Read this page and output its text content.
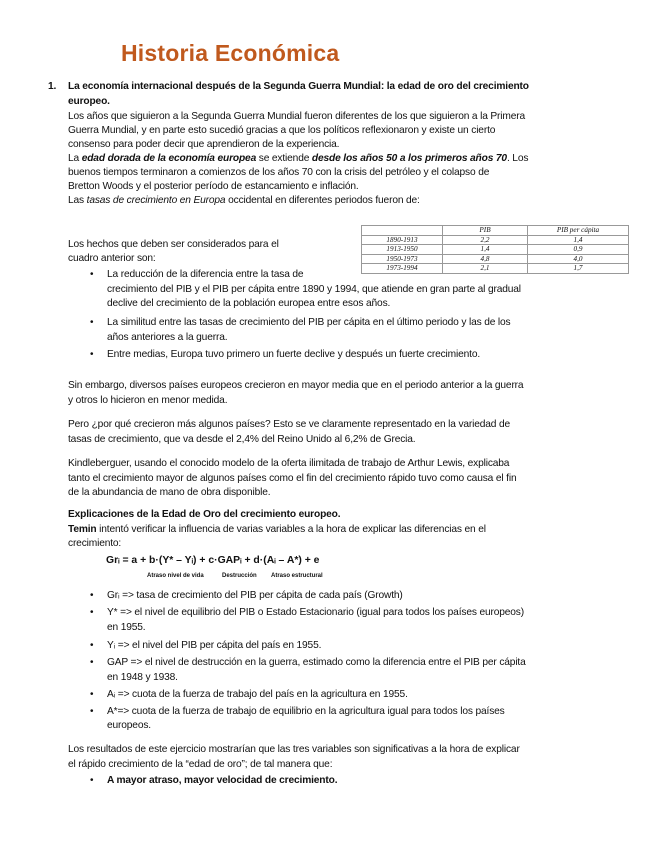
Historia Económica
1. La economía internacional después de la Segunda Guerra Mundial: la edad de oro del crecimiento
europeo.
Los años que siguieron a la Segunda Guerra Mundial fueron diferentes de los que siguieron a la Primera
Guerra Mundial, y en parte esto sucedió gracias a que los políticos reflexionaron y existe un cierto
consenso para poder decir que aprendieron de la experiencia.
La edad dorada de la economía europea se extiende desde los años 50 a los primeros años 70. Los
buenos tiempos terminaron a comienzos de los años 70 con la crisis del petróleo y el colapso de
Bretton Woods y el posterior período de estancamiento e inflación.
Las tasas de crecimiento en Europa occidental en diferentes periodos fueron de:
	PIB	PIB per cápita
1890-1913	2,2	1,4
1913-1950	1,4	0,9
1950-1973	4,8	4,0
1973-1994	2,1	1,7
Los hechos que deben ser considerados para el
cuadro anterior son:
• La reducción de la diferencia entre la tasa de
crecimiento del PIB y el PIB per cápita entre 1890 y 1994, que atiende en gran parte al gradual
declive del crecimiento de la población europea entre esos años.
• La similitud entre las tasas de crecimiento del PIB per cápita en el último periodo y las de los
años anteriores a la guerra.
• Entre medias, Europa tuvo primero un fuerte declive y después un fuerte crecimiento.
Sin embargo, diversos países europeos crecieron en mayor media que en el periodo anterior a la guerra
y otros lo hicieron en menor medida.
Pero ¿por qué crecieron más algunos países? Esto se ve claramente representado en la variedad de
tasas de crecimiento, que va desde el 2,4% del Reino Unido al 6,2% de Grecia.
Kindleberguer, usando el conocido modelo de la oferta ilimitada de trabajo de Arthur Lewis, explicaba
tanto el crecimiento mayor de algunos países como el fin del crecimiento rápido tuvo como causa el fin
de la abundancia de mano de obra disponible.
Explicaciones de la Edad de Oro del crecimiento europeo.
Temin intentó verificar la influencia de varias variables a la hora de explicar las diferencias en el
crecimiento:
Grᵢ = a + b·(Y* – Yᵢ) + c·GAPᵢ + d·(Aᵢ – A*) + e
Atraso nivel de vida	Destrucción Atraso estructural
• Grᵢ => tasa de crecimiento del PIB per cápita de cada país (Growth)
• Y* => el nivel de equilibrio del PIB o Estado Estacionario (igual para todos los países europeos)
en 1955.
• Yᵢ => el nivel del PIB per cápita del país en 1955.
• GAP => el nivel de destrucción en la guerra, estimado como la diferencia entre el PIB per cápita
en 1948 y 1938.
• Aᵢ => cuota de la fuerza de trabajo del país en la agricultura en 1955.
• A*=> cuota de la fuerza de trabajo de equilibrio en la agricultura igual para todos los países
europeos.
Los resultados de este ejercicio mostrarían que las tres variables son significativas a la hora de explicar
el rápido crecimiento de la “edad de oro”; de tal manera que:
• A mayor atraso, mayor velocidad de crecimiento.
